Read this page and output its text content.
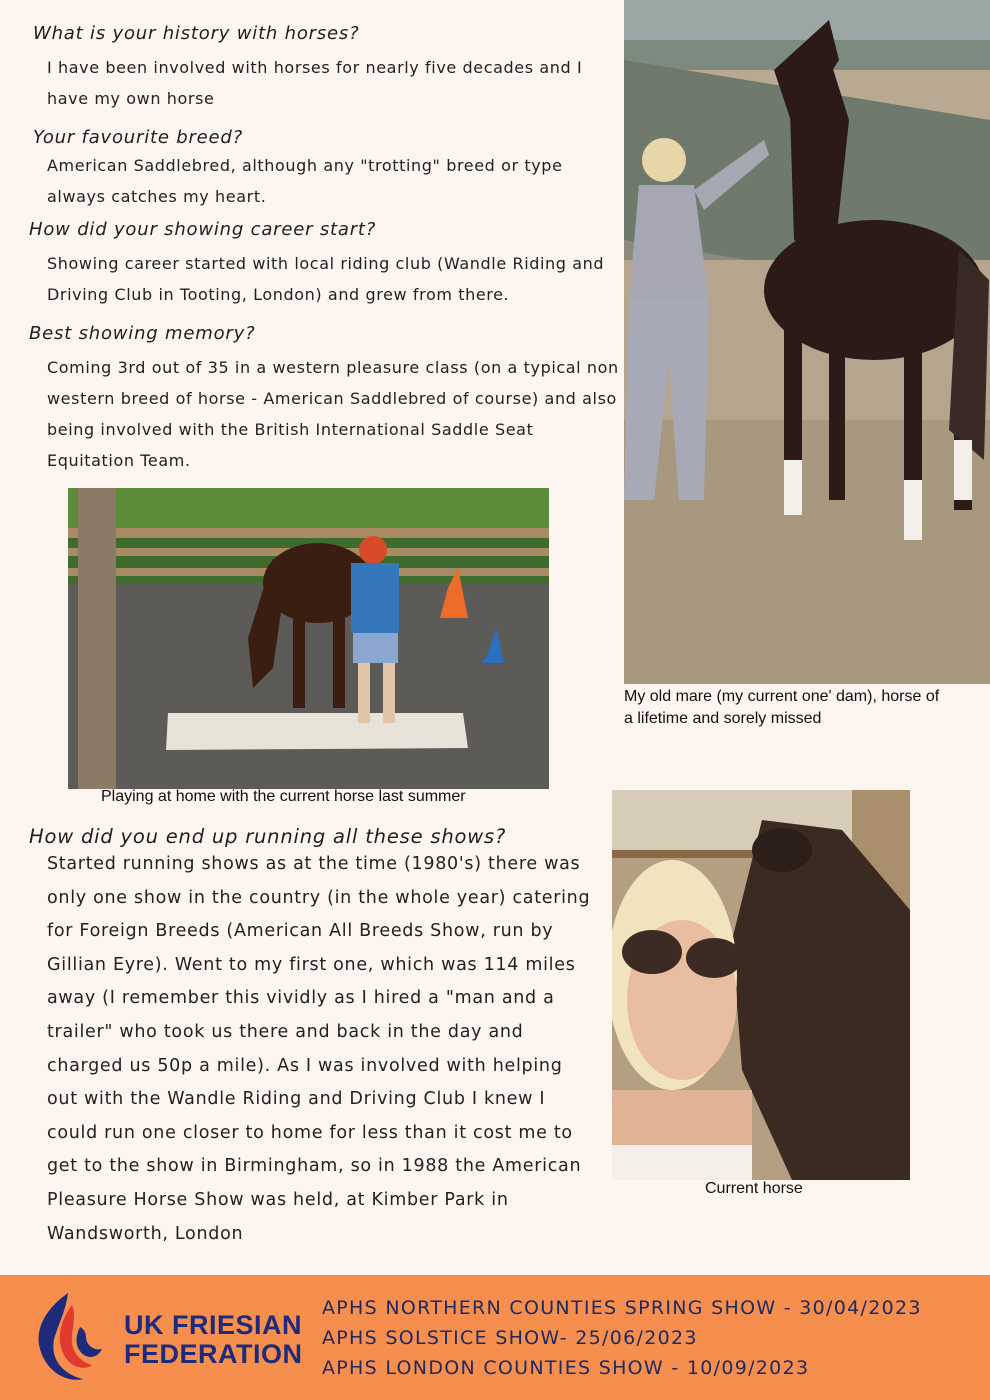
What is your history with horses?
I have been involved with horses for nearly five decades and I
have my own horse
Your favourite breed?
American Saddlebred, although any "trotting" breed or type
always catches my heart.
How did your showing career start?
Showing career started with local riding club (Wandle Riding and
Driving Club in Tooting, London) and grew from there.
Best showing memory?
Coming 3rd out of 35 in a western pleasure class (on a typical non
western breed of horse - American Saddlebred of course) and also
being involved with the British International Saddle Seat
Equitation Team.
My old mare (my current one' dam), horse of
a lifetime and sorely missed
Playing at home with the current horse last summer
How did you end up running all these shows?
Started running shows as at the time (1980's) there was
only one show in the country (in the whole year) catering
for Foreign Breeds (American All Breeds Show, run by
Gillian Eyre). Went to my first one, which was 114 miles
away (I remember this vividly as I hired a "man and a
trailer" who took us there and back in the day and
charged us 50p a mile). As I was involved with helping
out with the Wandle Riding and Driving Club I knew I
could run one closer to home for less than it cost me to
get to the show in Birmingham, so in 1988 the American
Pleasure Horse Show was held, at Kimber Park in
Wandsworth, London
Current horse
UK FRIESIAN
FEDERATION
APHS NORTHERN COUNTIES SPRING SHOW - 30/04/2023
APHS SOLSTICE SHOW- 25/06/2023
APHS LONDON COUNTIES SHOW - 10/09/2023
